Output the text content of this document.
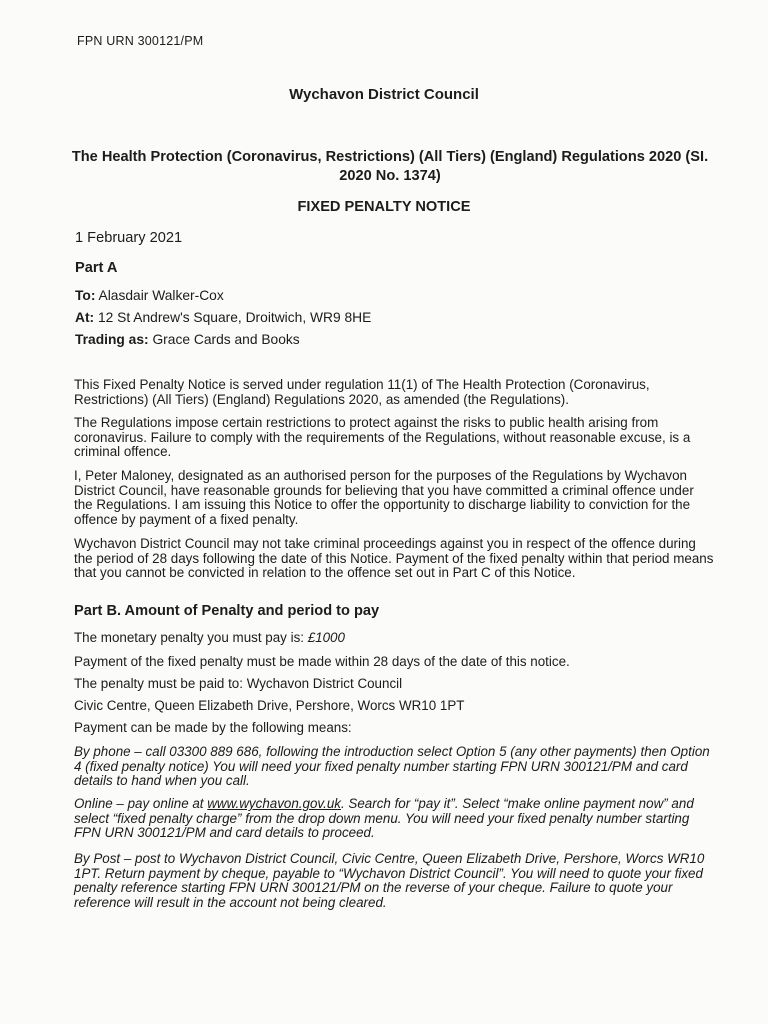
FPN URN 300121/PM
Wychavon District Council
The Health Protection (Coronavirus, Restrictions) (All Tiers) (England) Regulations 2020 (SI. 2020 No. 1374)
FIXED PENALTY NOTICE
1 February 2021
Part A
To: Alasdair Walker-Cox
At: 12 St Andrew's Square, Droitwich, WR9 8HE
Trading as: Grace Cards and Books
This Fixed Penalty Notice is served under regulation 11(1) of The Health Protection (Coronavirus, Restrictions) (All Tiers) (England) Regulations 2020, as amended (the Regulations).
The Regulations impose certain restrictions to protect against the risks to public health arising from coronavirus. Failure to comply with the requirements of the Regulations, without reasonable excuse, is a criminal offence.
I, Peter Maloney, designated as an authorised person for the purposes of the Regulations by Wychavon District Council, have reasonable grounds for believing that you have committed a criminal offence under the Regulations. I am issuing this Notice to offer the opportunity to discharge liability to conviction for the offence by payment of a fixed penalty.
Wychavon District Council may not take criminal proceedings against you in respect of the offence during the period of 28 days following the date of this Notice. Payment of the fixed penalty within that period means that you cannot be convicted in relation to the offence set out in Part C of this Notice.
Part B. Amount of Penalty and period to pay
The monetary penalty you must pay is: £1000
Payment of the fixed penalty must be made within 28 days of the date of this notice.
The penalty must be paid to: Wychavon District Council
Civic Centre, Queen Elizabeth Drive, Pershore, Worcs WR10 1PT
Payment can be made by the following means:
By phone – call 03300 889 686, following the introduction select Option 5 (any other payments) then Option 4 (fixed penalty notice) You will need your fixed penalty number starting FPN URN 300121/PM and card details to hand when you call.
Online – pay online at www.wychavon.gov.uk. Search for “pay it”. Select “make online payment now” and select “fixed penalty charge” from the drop down menu. You will need your fixed penalty number starting FPN URN 300121/PM and card details to proceed.
By Post – post to Wychavon District Council, Civic Centre, Queen Elizabeth Drive, Pershore, Worcs WR10 1PT. Return payment by cheque, payable to “Wychavon District Council”. You will need to quote your fixed penalty reference starting FPN URN 300121/PM on the reverse of your cheque. Failure to quote your reference will result in the account not being cleared.
